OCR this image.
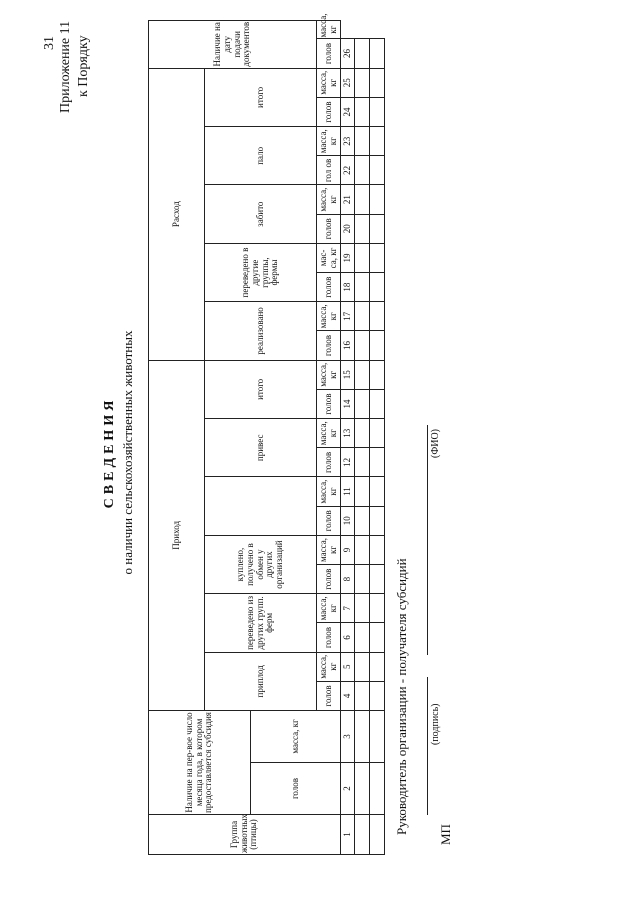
31 Приложение 11 к Порядку
СВЕДЕНИЯ о наличии сельскохозяйственных животных
Группа животных (птицы)	Наличие на пер-вое число месяца года, в котором предоставляется субсидия		Приход												Расход										Наличие на дату подачи документов	
			приплод		переведено из других групп. ферм		куплено, получено в обмен у других организаций				привес		итого		реализовано		переведено в другие группы, фермы		забито		пало		итого			
	голов	масса, кг																								
			голов	масса, кг	голов	масса, кг	голов	масса, кг	голов	масса, кг	голов	масса, кг	голов	масса, кг	голов	масса, кг	голов	мас- са, кг	голов	масса, кг	гол ов	масса, кг	голов	масса, кг	голов	масса, кг
1	2	3	4	5	6	7	8	9	10	11	12	13	14	15	16	17	18	19	20	21	22	23	24	25	26	

Руководитель организации - получателя субсидий (подпись)
(ФИО)
МП
